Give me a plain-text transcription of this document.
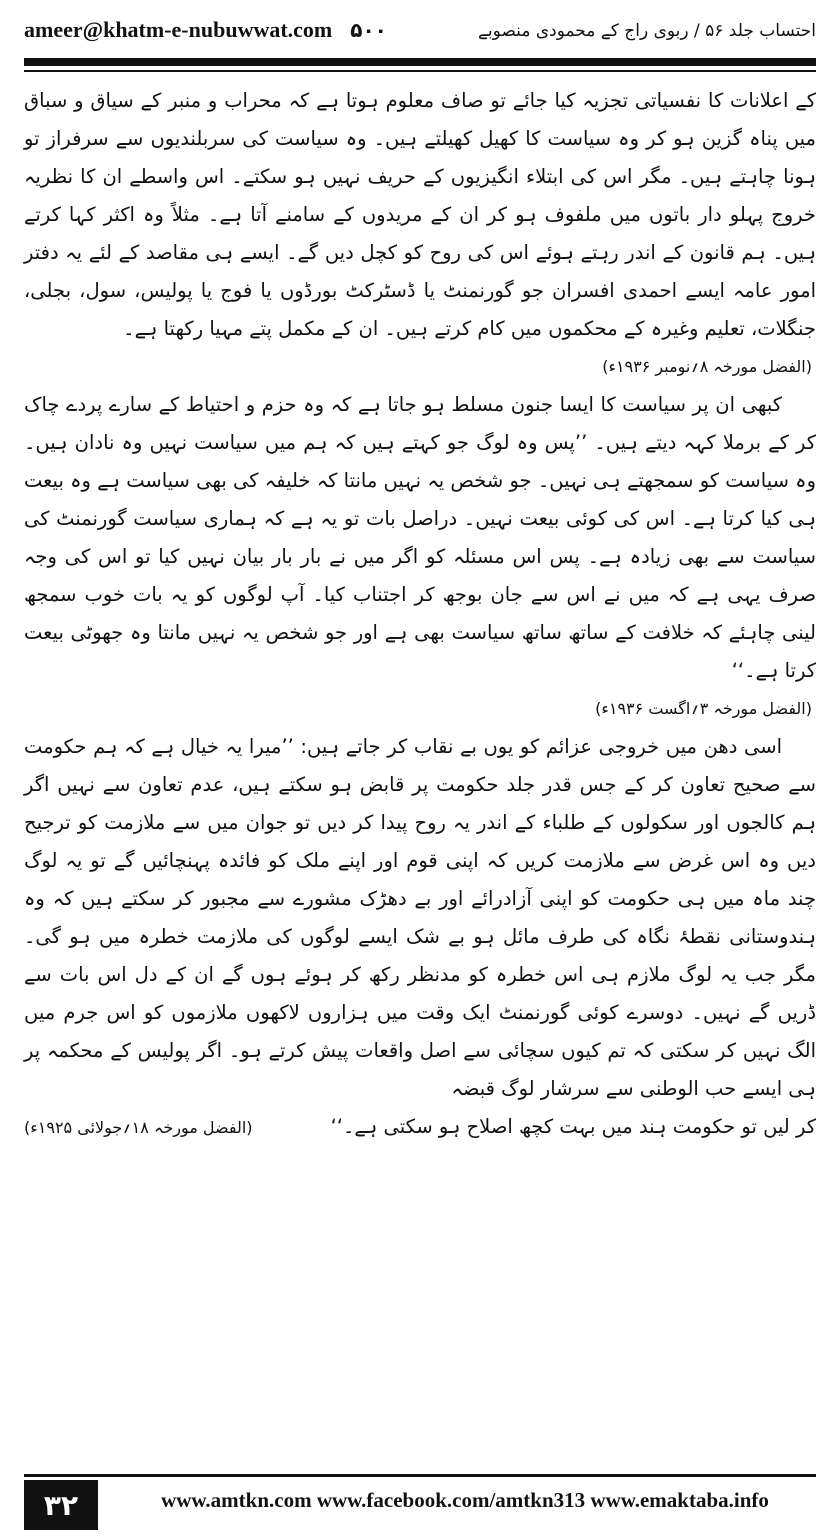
ameer@khatm-e-nubuwwat.com ۵۰۰	احتساب جلد ۵۶ / ربوی راج کے محمودی منصوبے

کے اعلانات کا نفسیاتی تجزیہ کیا جائے تو صاف معلوم ہوتا ہے کہ محراب و منبر کے سیاق و سباق میں پناہ گزین ہو کر وہ سیاست کا کھیل کھیلتے ہیں۔ وہ سیاست کی سربلندیوں سے سرفراز تو ہونا چاہتے ہیں۔ مگر اس کی ابتلاء انگیزیوں کے حریف نہیں ہو سکتے۔ اس واسطے ان کا نظریہ خروج پہلو دار باتوں میں ملفوف ہو کر ان کے مریدوں کے سامنے آتا ہے۔ مثلاً وہ اکثر کہا کرتے ہیں۔ ہم قانون کے اندر رہتے ہوئے اس کی روح کو کچل دیں گے۔ ایسے ہی مقاصد کے لئے یہ دفتر امور عامہ ایسے احمدی افسران جو گورنمنٹ یا ڈسٹرکٹ بورڈوں یا فوج یا پولیس، سول، بجلی، جنگلات، تعلیم وغیرہ کے محکموں میں کام کرتے ہیں۔ ان کے مکمل پتے مہیا رکھتا ہے۔

(الفضل مورخہ ۸؍نومبر ۱۹۳۶ء)

کبھی ان پر سیاست کا ایسا جنون مسلط ہو جاتا ہے کہ وہ حزم و احتیاط کے سارے پردے چاک کر کے برملا کہہ دیتے ہیں۔ ’’پس وہ لوگ جو کہتے ہیں کہ ہم میں سیاست نہیں وہ نادان ہیں۔ وہ سیاست کو سمجھتے ہی نہیں۔ جو شخص یہ نہیں مانتا کہ خلیفہ کی بھی سیاست ہے وہ بیعت ہی کیا کرتا ہے۔ اس کی کوئی بیعت نہیں۔ دراصل بات تو یہ ہے کہ ہماری سیاست گورنمنٹ کی سیاست سے بھی زیادہ ہے۔ پس اس مسئلہ کو اگر میں نے بار بار بیان نہیں کیا تو اس کی وجہ صرف یہی ہے کہ میں نے اس سے جان بوجھ کر اجتناب کیا۔ آپ لوگوں کو یہ بات خوب سمجھ لینی چاہئے کہ خلافت کے ساتھ ساتھ سیاست بھی ہے اور جو شخص یہ نہیں مانتا وہ جھوٹی بیعت کرتا ہے۔‘‘

(الفضل مورخہ ۳؍اگست ۱۹۳۶ء)

اسی دھن میں خروجی عزائم کو یوں بے نقاب کر جاتے ہیں: ’’میرا یہ خیال ہے کہ ہم حکومت سے صحیح تعاون کر کے جس قدر جلد حکومت پر قابض ہو سکتے ہیں، عدم تعاون سے نہیں اگر ہم کالجوں اور سکولوں کے طلباء کے اندر یہ روح پیدا کر دیں تو جوان میں سے ملازمت کو ترجیح دیں وہ اس غرض سے ملازمت کریں کہ اپنی قوم اور اپنے ملک کو فائدہ پہنچائیں گے تو یہ لوگ چند ماہ میں ہی حکومت کو اپنی آزادرائے اور بے دھڑک مشورے سے مجبور کر سکتے ہیں کہ وہ ہندوستانی نقطۂ نگاہ کی طرف مائل ہو بے شک ایسے لوگوں کی ملازمت خطرہ میں ہو گی۔ مگر جب یہ لوگ ملازم ہی اس خطرہ کو مدنظر رکھ کر ہوئے ہوں گے ان کے دل اس بات سے ڈریں گے نہیں۔ دوسرے کوئی گورنمنٹ ایک وقت میں ہزاروں لاکھوں ملازموں کو اس جرم میں الگ نہیں کر سکتی کہ تم کیوں سچائی سے اصل واقعات پیش کرتے ہو۔ اگر پولیس کے محکمہ پر ہی ایسے حب الوطنی سے سرشار لوگ قبضہ

کر لیں تو حکومت ہند میں بہت کچھ اصلاح ہو سکتی ہے۔‘‘
(الفضل مورخہ ۱۸؍جولائی ۱۹۲۵ء)
۳۲	www.amtkn.com www.facebook.com/amtkn313 www.emaktaba.info
